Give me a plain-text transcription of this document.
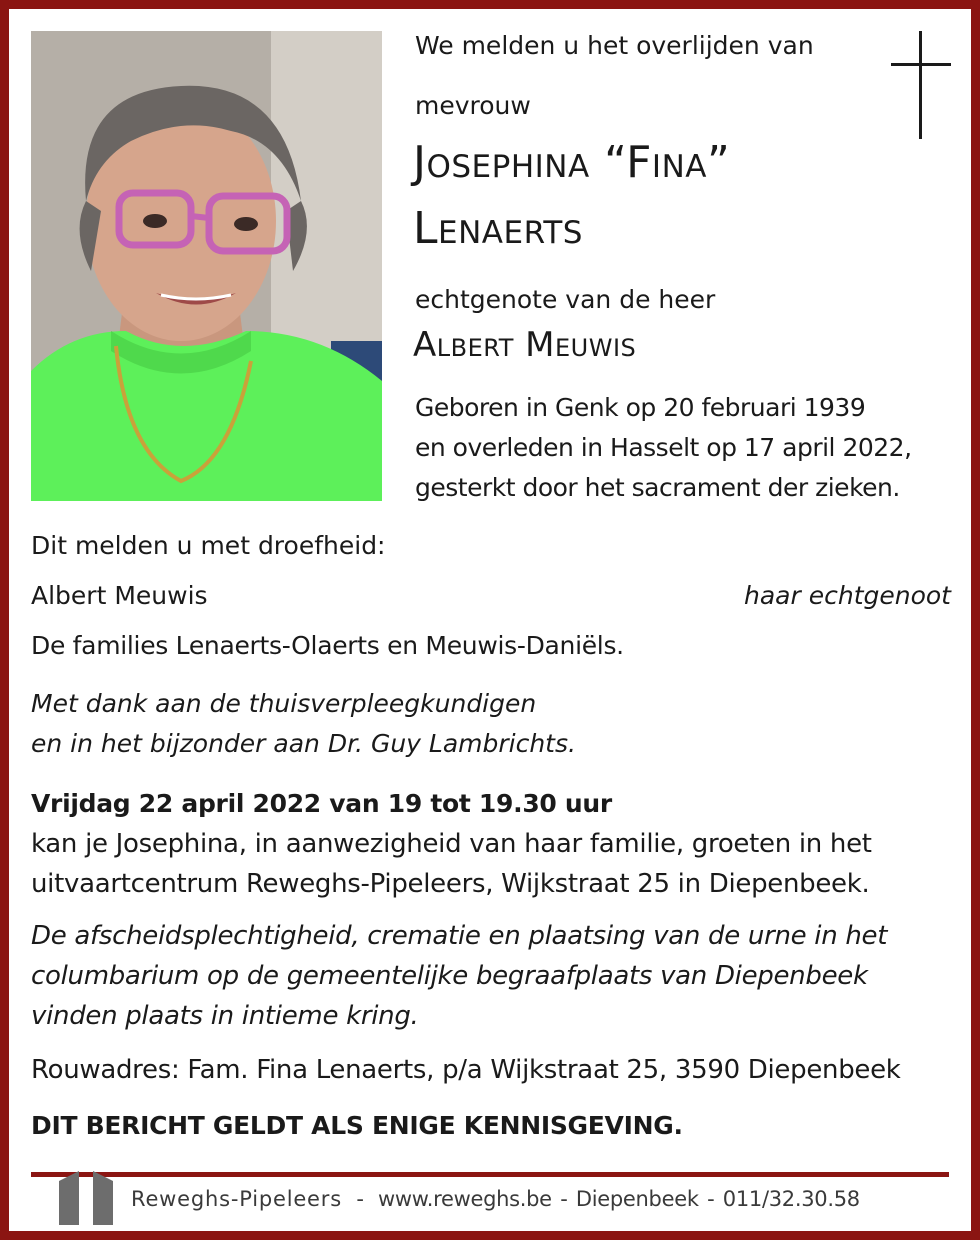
We melden u het overlijden van

mevrouw

Josephina “Fina”

Lenaerts

echtgenote van de heer

Albert Meuwis

Geboren in Genk op 20 februari 1939

en overleden in Hasselt op 17 april 2022,

gesterkt door het sacrament der zieken.

Dit melden u met droefheid:

Albert Meuwis	haar echtgenoot

De families Lenaerts-Olaerts en Meuwis-Daniëls.

Met dank aan de thuisverpleegkundigen

en in het bijzonder aan Dr. Guy Lambrichts.

Vrijdag 22 april 2022 van 19 tot 19.30 uur

kan je Josephina, in aanwezigheid van haar familie, groeten in het

uitvaartcentrum Reweghs-Pipeleers, Wijkstraat 25 in Diepenbeek.

De afscheidsplechtigheid, crematie en plaatsing van de urne in het

columbarium op de gemeentelijke begraafplaats van Diepenbeek

vinden plaats in intieme kring.

Rouwadres: Fam. Fina Lenaerts, p/a Wijkstraat 25, 3590 Diepenbeek

DIT BERICHT GELDT ALS ENIGE KENNISGEVING.

Reweghs-Pipeleers - www.reweghs.be - Diepenbeek - 011/32.30.58
